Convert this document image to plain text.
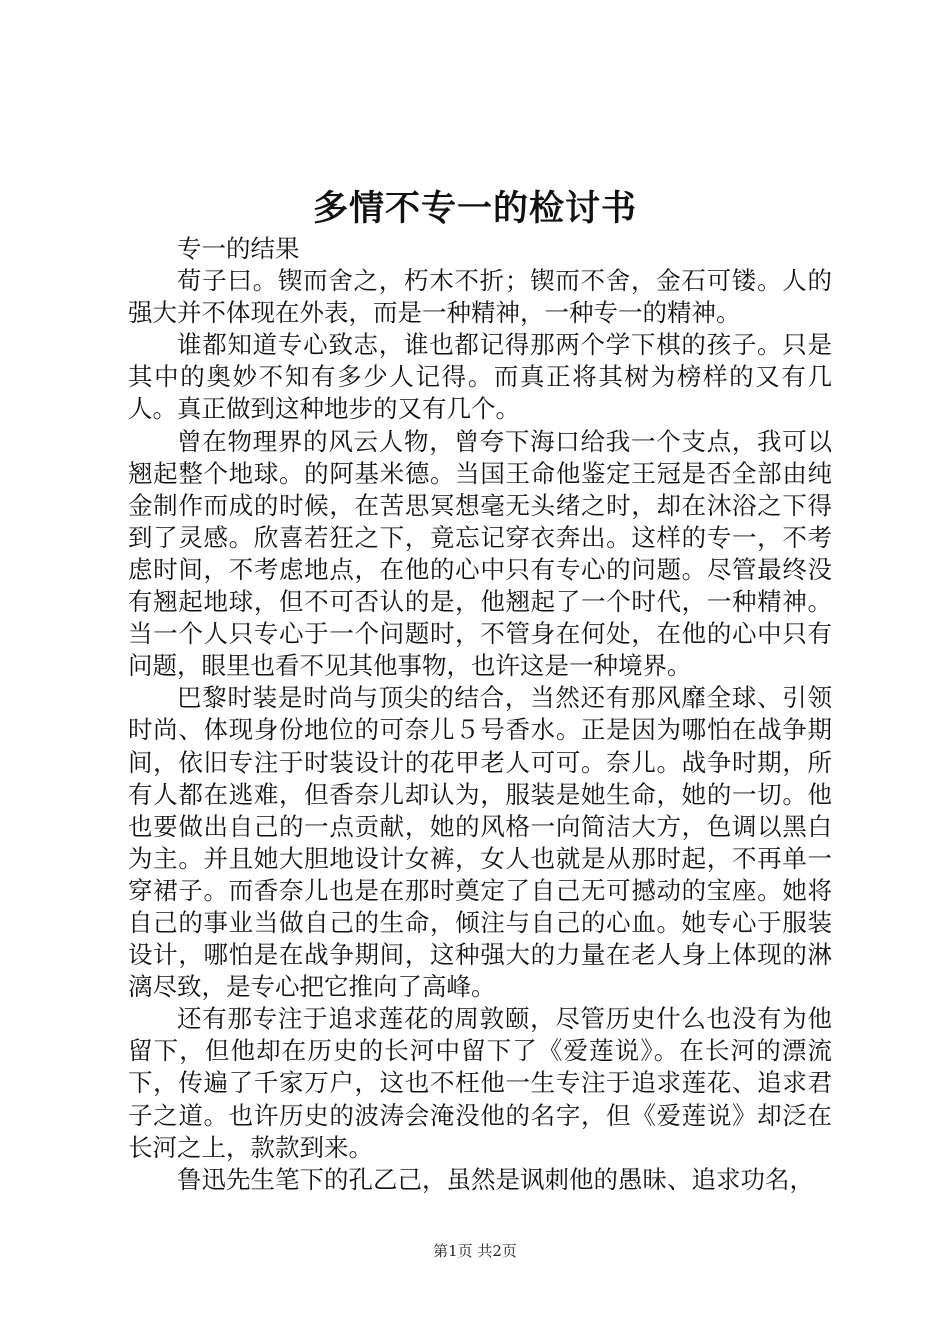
多情不专一的检讨书

专一的结果

荀子曰。锲而舍之，朽木不折；锲而不舍，金石可镂。人的强大并不体现在外表，而是一种精神，一种专一的精神。

谁都知道专心致志，谁也都记得那两个学下棋的孩子。只是其中的奥妙不知有多少人记得。而真正将其树为榜样的又有几人。真正做到这种地步的又有几个。

曾在物理界的风云人物，曾夸下海口给我一个支点，我可以翘起整个地球。的阿基米德。当国王命他鉴定王冠是否全部由纯金制作而成的时候，在苦思冥想毫无头绪之时，却在沐浴之下得到了灵感。欣喜若狂之下，竟忘记穿衣奔出。这样的专一，不考虑时间，不考虑地点，在他的心中只有专心的问题。尽管最终没有翘起地球，但不可否认的是，他翘起了一个时代，一种精神。当一个人只专心于一个问题时，不管身在何处，在他的心中只有问题，眼里也看不见其他事物，也许这是一种境界。

巴黎时装是时尚与顶尖的结合，当然还有那风靡全球、引领时尚、体现身份地位的可奈儿５号香水。正是因为哪怕在战争期间，依旧专注于时装设计的花甲老人可可。奈儿。战争时期，所有人都在逃难，但香奈儿却认为，服装是她生命，她的一切。他也要做出自己的一点贡献，她的风格一向简洁大方，色调以黑白为主。并且她大胆地设计女裤，女人也就是从那时起，不再单一穿裙子。而香奈儿也是在那时奠定了自己无可撼动的宝座。她将自己的事业当做自己的生命，倾注与自己的心血。她专心于服装设计，哪怕是在战争期间，这种强大的力量在老人身上体现的淋漓尽致，是专心把它推向了高峰。

还有那专注于追求莲花的周敦颐，尽管历史什么也没有为他留下，但他却在历史的长河中留下了《爱莲说》。在长河的漂流下，传遍了千家万户，这也不枉他一生专注于追求莲花、追求君子之道。也许历史的波涛会淹没他的名字，但《爱莲说》却泛在长河之上，款款到来。

鲁迅先生笔下的孔乙己，虽然是讽刺他的愚昧、追求功名，

第1页 共2页
